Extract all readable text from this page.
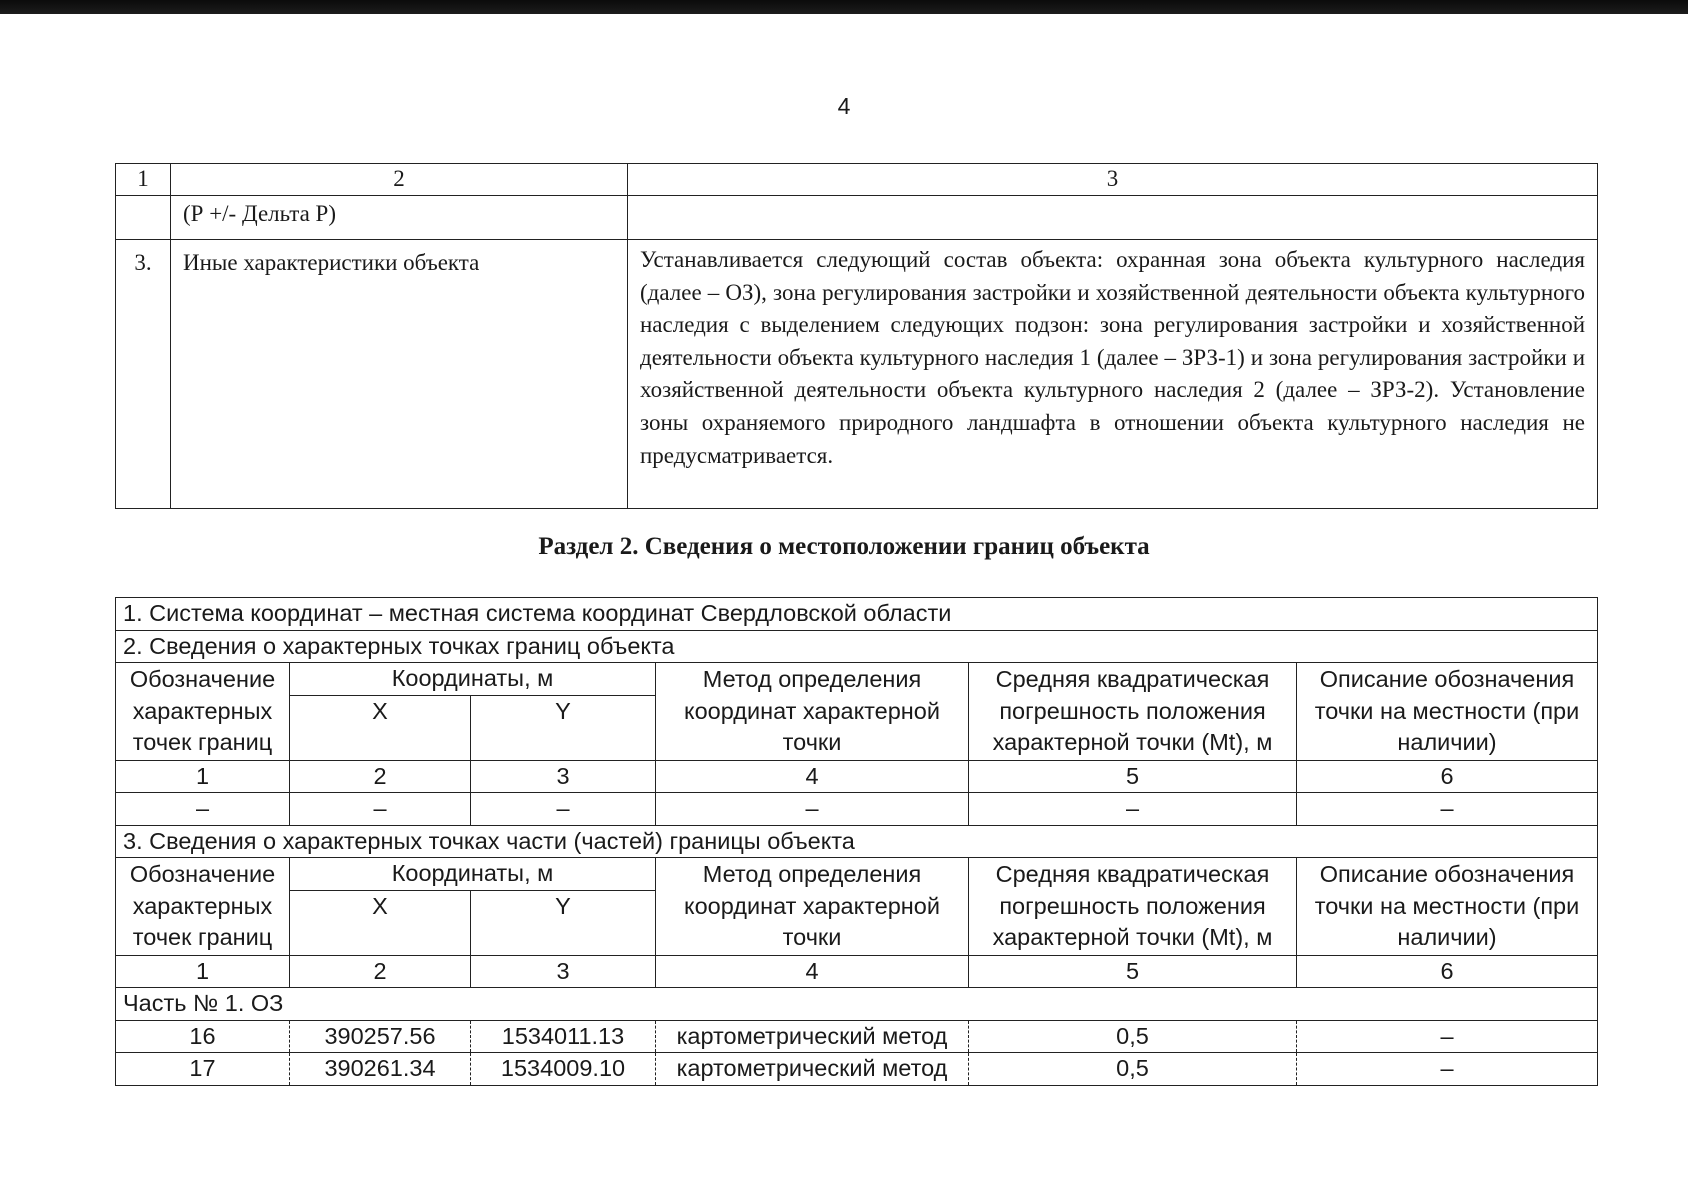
4
1	2	3
	(Р +/- Дельта Р)	
3.	Иные характеристики объекта	Устанавливается следующий состав объекта: охранная зона объекта культурного наследия (далее – ОЗ), зона регулирования застройки и хозяйственной деятельности объекта культурного наследия с выделением следующих подзон: зона регулирования застройки и хозяйственной деятельности объекта культурного наследия 1 (далее – ЗРЗ-1) и зона регулирования застройки и хозяйственной деятельности объекта культурного наследия 2 (далее – ЗРЗ-2). Установление зоны охраняемого природного ландшафта в отношении объекта культурного наследия не предусматривается.
Раздел 2. Сведения о местоположении границ объекта
1. Система координат – местная система координат Свердловской области					
2. Сведения о характерных точках границ объекта					
Обозначение характерных точек границ	Координаты, м		Метод определения координат характерной точки	Средняя квадратическая погрешность положения характерной точки (Mt), м	Описание обозначения точки на местности (при наличии)
	X	Y			
1	2	3	4	5	6
–	–	–	–	–	–
3. Сведения о характерных точках части (частей) границы объекта					
Обозначение характерных точек границ	Координаты, м		Метод определения координат характерной точки	Средняя квадратическая погрешность положения характерной точки (Mt), м	Описание обозначения точки на местности (при наличии)
	X	Y			
1	2	3	4	5	6
Часть № 1. ОЗ					
16	390257.56	1534011.13	картометрический метод	0,5	–
17	390261.34	1534009.10	картометрический метод	0,5	–
